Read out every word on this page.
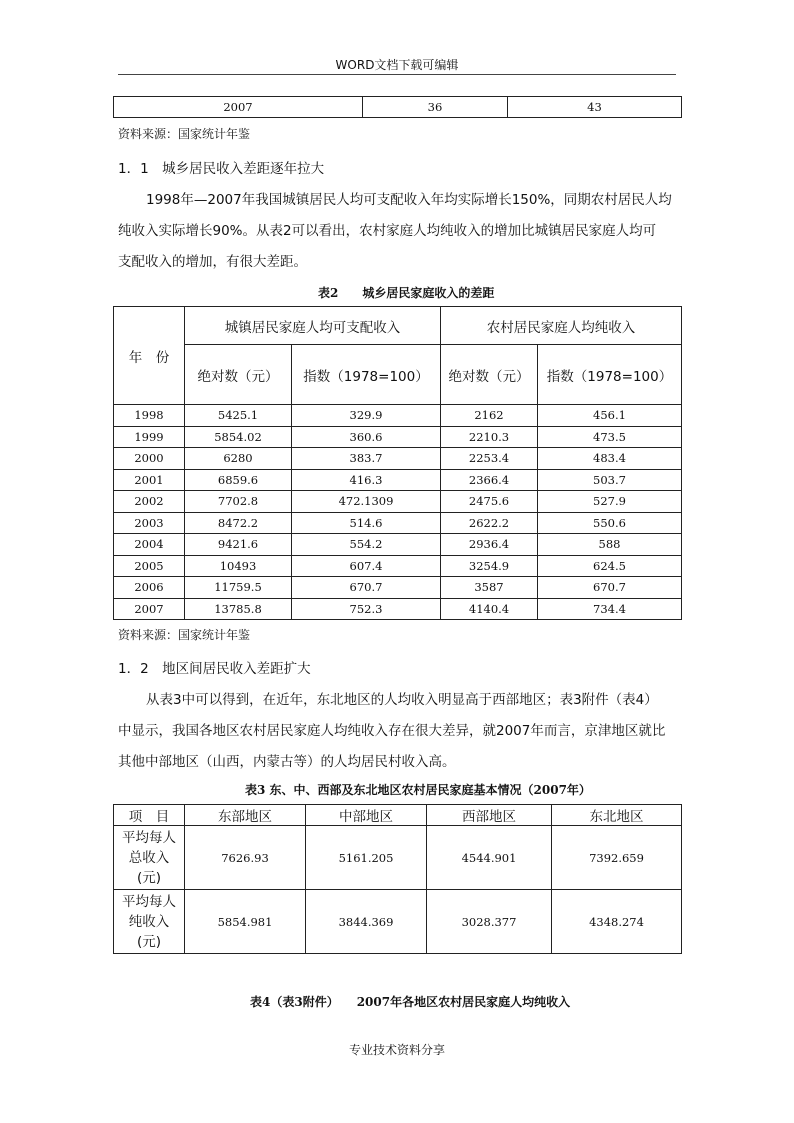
WORD文档下载可编辑
2007	36	43
资料来源：国家统计年鉴
1．1　城乡居民收入差距逐年拉大
1998年—2007年我国城镇居民人均可支配收入年均实际增长150%，同期农村居民人均
纯收入实际增长90%。从表2可以看出，农村家庭人均纯收入的增加比城镇居民家庭人均可
支配收入的增加，有很大差距。
表2　　城乡居民家庭收入的差距
年　份	城镇居民家庭人均可支配收入		农村居民家庭人均纯收入	
	绝对数（元）	指数（1978=100）	绝对数（元）	指数（1978=100）
1998	5425.1	329.9	2162	456.1
1999	5854.02	360.6	2210.3	473.5
2000	6280	383.7	2253.4	483.4
2001	6859.6	416.3	2366.4	503.7
2002	7702.8	472.1309	2475.6	527.9
2003	8472.2	514.6	2622.2	550.6
2004	9421.6	554.2	2936.4	588
2005	10493	607.4	3254.9	624.5
2006	11759.5	670.7	3587	670.7
2007	13785.8	752.3	4140.4	734.4
资料来源：国家统计年鉴
1．2　地区间居民收入差距扩大
从表3中可以得到，在近年，东北地区的人均收入明显高于西部地区；表3附件（表4）
中显示，我国各地区农村居民家庭人均纯收入存在很大差异，就2007年而言，京津地区就比
其他中部地区（山西，内蒙古等）的人均居民村收入高。
表3 东、中、西部及东北地区农村居民家庭基本情况（2007年）
项　目	东部地区	中部地区	西部地区	东北地区

平均每人
总收入
(元)	7626.93	5161.205	4544.901	7392.659

平均每人
纯收入
(元)	5854.981	3844.369	3028.377	4348.274
表4（表3附件）　　2007年各地区农村居民家庭人均纯收入
专业技术资料分享
